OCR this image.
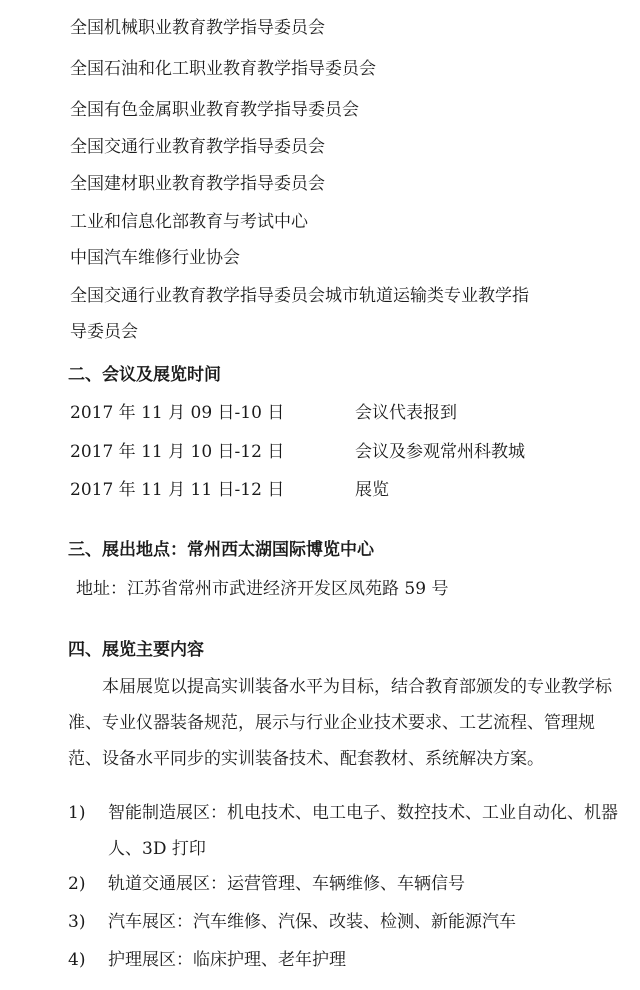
全国机械职业教育教学指导委员会
全国石油和化工职业教育教学指导委员会
全国有色金属职业教育教学指导委员会
全国交通行业教育教学指导委员会
全国建材职业教育教学指导委员会
工业和信息化部教育与考试中心
中国汽车维修行业协会
全国交通行业教育教学指导委员会城市轨道运输类专业教学指
导委员会
二、会议及展览时间
2017 年 11 月 09 日-10 日	会议代表报到
2017 年 11 月 10 日-12 日	会议及参观常州科教城
2017 年 11 月 11 日-12 日	展览
三、展出地点：常州西太湖国际博览中心
地址：江苏省常州市武进经济开发区凤苑路 59 号
四、展览主要内容
本届展览以提高实训装备水平为目标，结合教育部颁发的专业教学标准、专业仪器装备规范，展示与行业企业技术要求、工艺流程、管理规范、设备水平同步的实训装备技术、配套教材、系统解决方案。
1) 智能制造展区：机电技术、电工电子、数控技术、工业自动化、机器人、3D 打印
2) 轨道交通展区：运营管理、车辆维修、车辆信号
3) 汽车展区：汽车维修、汽保、改装、检测、新能源汽车
4) 护理展区：临床护理、老年护理
